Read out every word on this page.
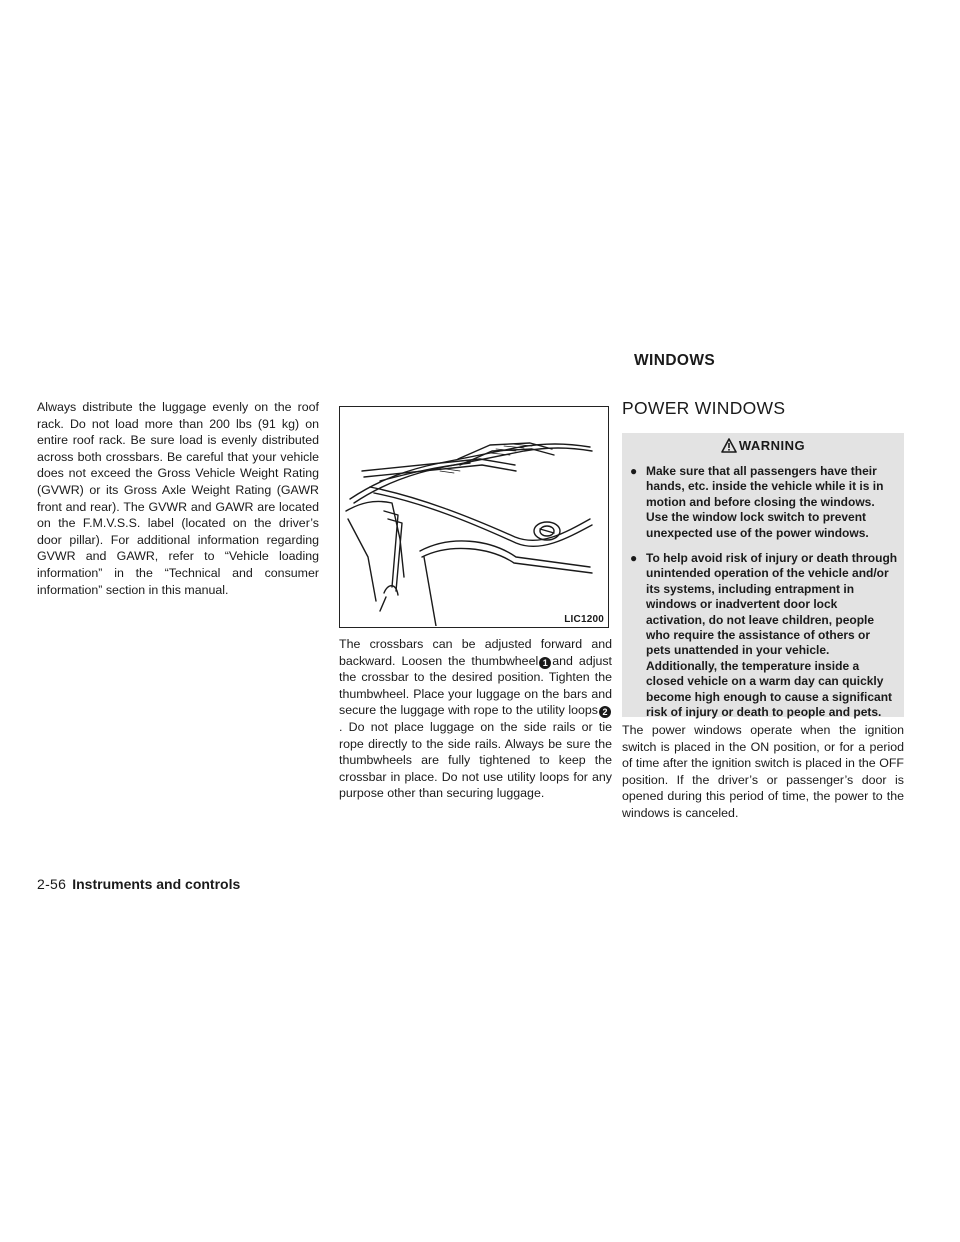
WINDOWS

Always distribute the luggage evenly on the roof rack. Do not load more than 200 lbs (91 kg) on entire roof rack. Be sure load is evenly distributed across both crossbars. Be careful that your vehicle does not exceed the Gross Vehicle Weight Rating (GVWR) or its Gross Axle Weight Rating (GAWR front and rear). The GVWR and GAWR are located on the F.M.V.S.S. label (located on the driver’s door pillar). For additional information regarding GVWR and GAWR, refer to “Vehicle loading information” in the “Technical and consumer information” section in this manual.

LIC1200

The crossbars can be adjusted forward and backward. Loosen the thumbwheel 1 and adjust the crossbar to the desired position. Tighten the thumbwheel. Place your luggage on the bars and secure the luggage with rope to the utility loops 2. Do not place luggage on the side rails or tie rope directly to the side rails. Always be sure the thumbwheels are fully tightened to keep the crossbar in place. Do not use utility loops for any purpose other than securing luggage.

POWER WINDOWS
WARNING
● Make sure that all passengers have their hands, etc. inside the vehicle while it is in motion and before closing the windows. Use the window lock switch to prevent unexpected use of the power windows.
● To help avoid risk of injury or death through unintended operation of the vehicle and/or its systems, including entrapment in windows or inadvertent door lock activation, do not leave children, people who require the assistance of others or pets unattended in your vehicle. Additionally, the temperature inside a closed vehicle on a warm day can quickly become high enough to cause a significant risk of injury or death to people and pets.

The power windows operate when the ignition switch is placed in the ON position, or for a period of time after the ignition switch is placed in the OFF position. If the driver’s or passenger’s door is opened during this period of time, the power to the windows is canceled.

2-56 Instruments and controls
